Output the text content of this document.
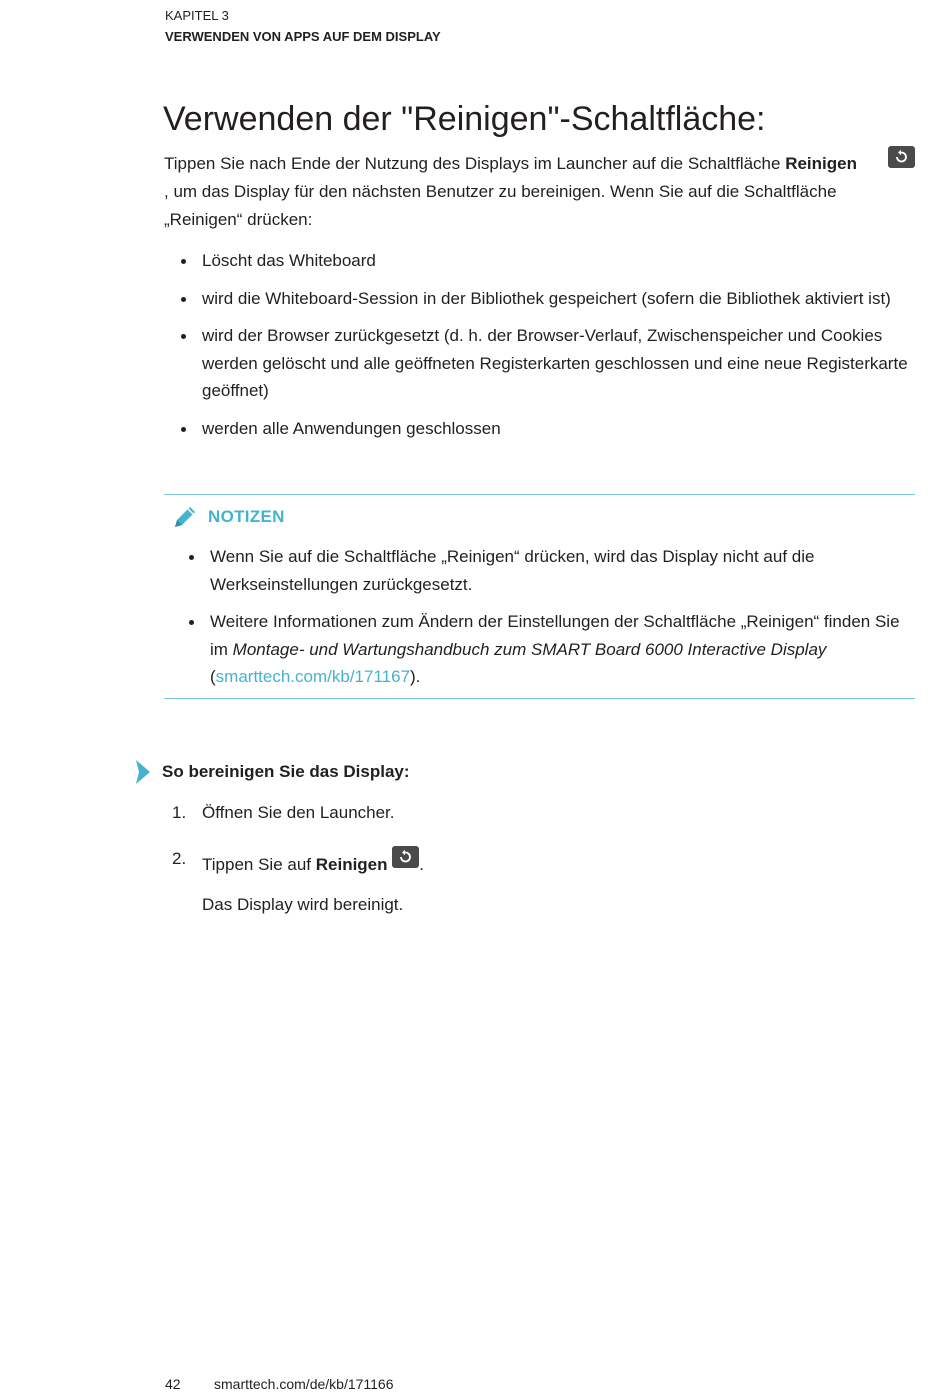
KAPITEL 3
VERWENDEN VON APPS AUF DEM DISPLAY
Verwenden der "Reinigen"-Schaltfläche:
Tippen Sie nach Ende der Nutzung des Displays im Launcher auf die Schaltfläche Reinigen

, um das Display für den nächsten Benutzer zu bereinigen. Wenn Sie auf die Schaltfläche „Reinigen“ drücken:
Löscht das Whiteboard
wird die Whiteboard-Session in der Bibliothek gespeichert (sofern die Bibliothek aktiviert ist)
wird der Browser zurückgesetzt (d. h. der Browser-Verlauf, Zwischenspeicher und Cookies werden gelöscht und alle geöffneten Registerkarten geschlossen und eine neue Registerkarte geöffnet)
werden alle Anwendungen geschlossen
NOTIZEN
Wenn Sie auf die Schaltfläche „Reinigen“ drücken, wird das Display nicht auf die Werkseinstellungen zurückgesetzt.
Weitere Informationen zum Ändern der Einstellungen der Schaltfläche „Reinigen“ finden Sie im Montage- und Wartungshandbuch zum SMART Board 6000 Interactive Display (smarttech.com/kb/171167).
So bereinigen Sie das Display:
1. Öffnen Sie den Launcher.
2. Tippen Sie auf Reinigen .
Das Display wird bereinigt.
42 smarttech.com/de/kb/171166
